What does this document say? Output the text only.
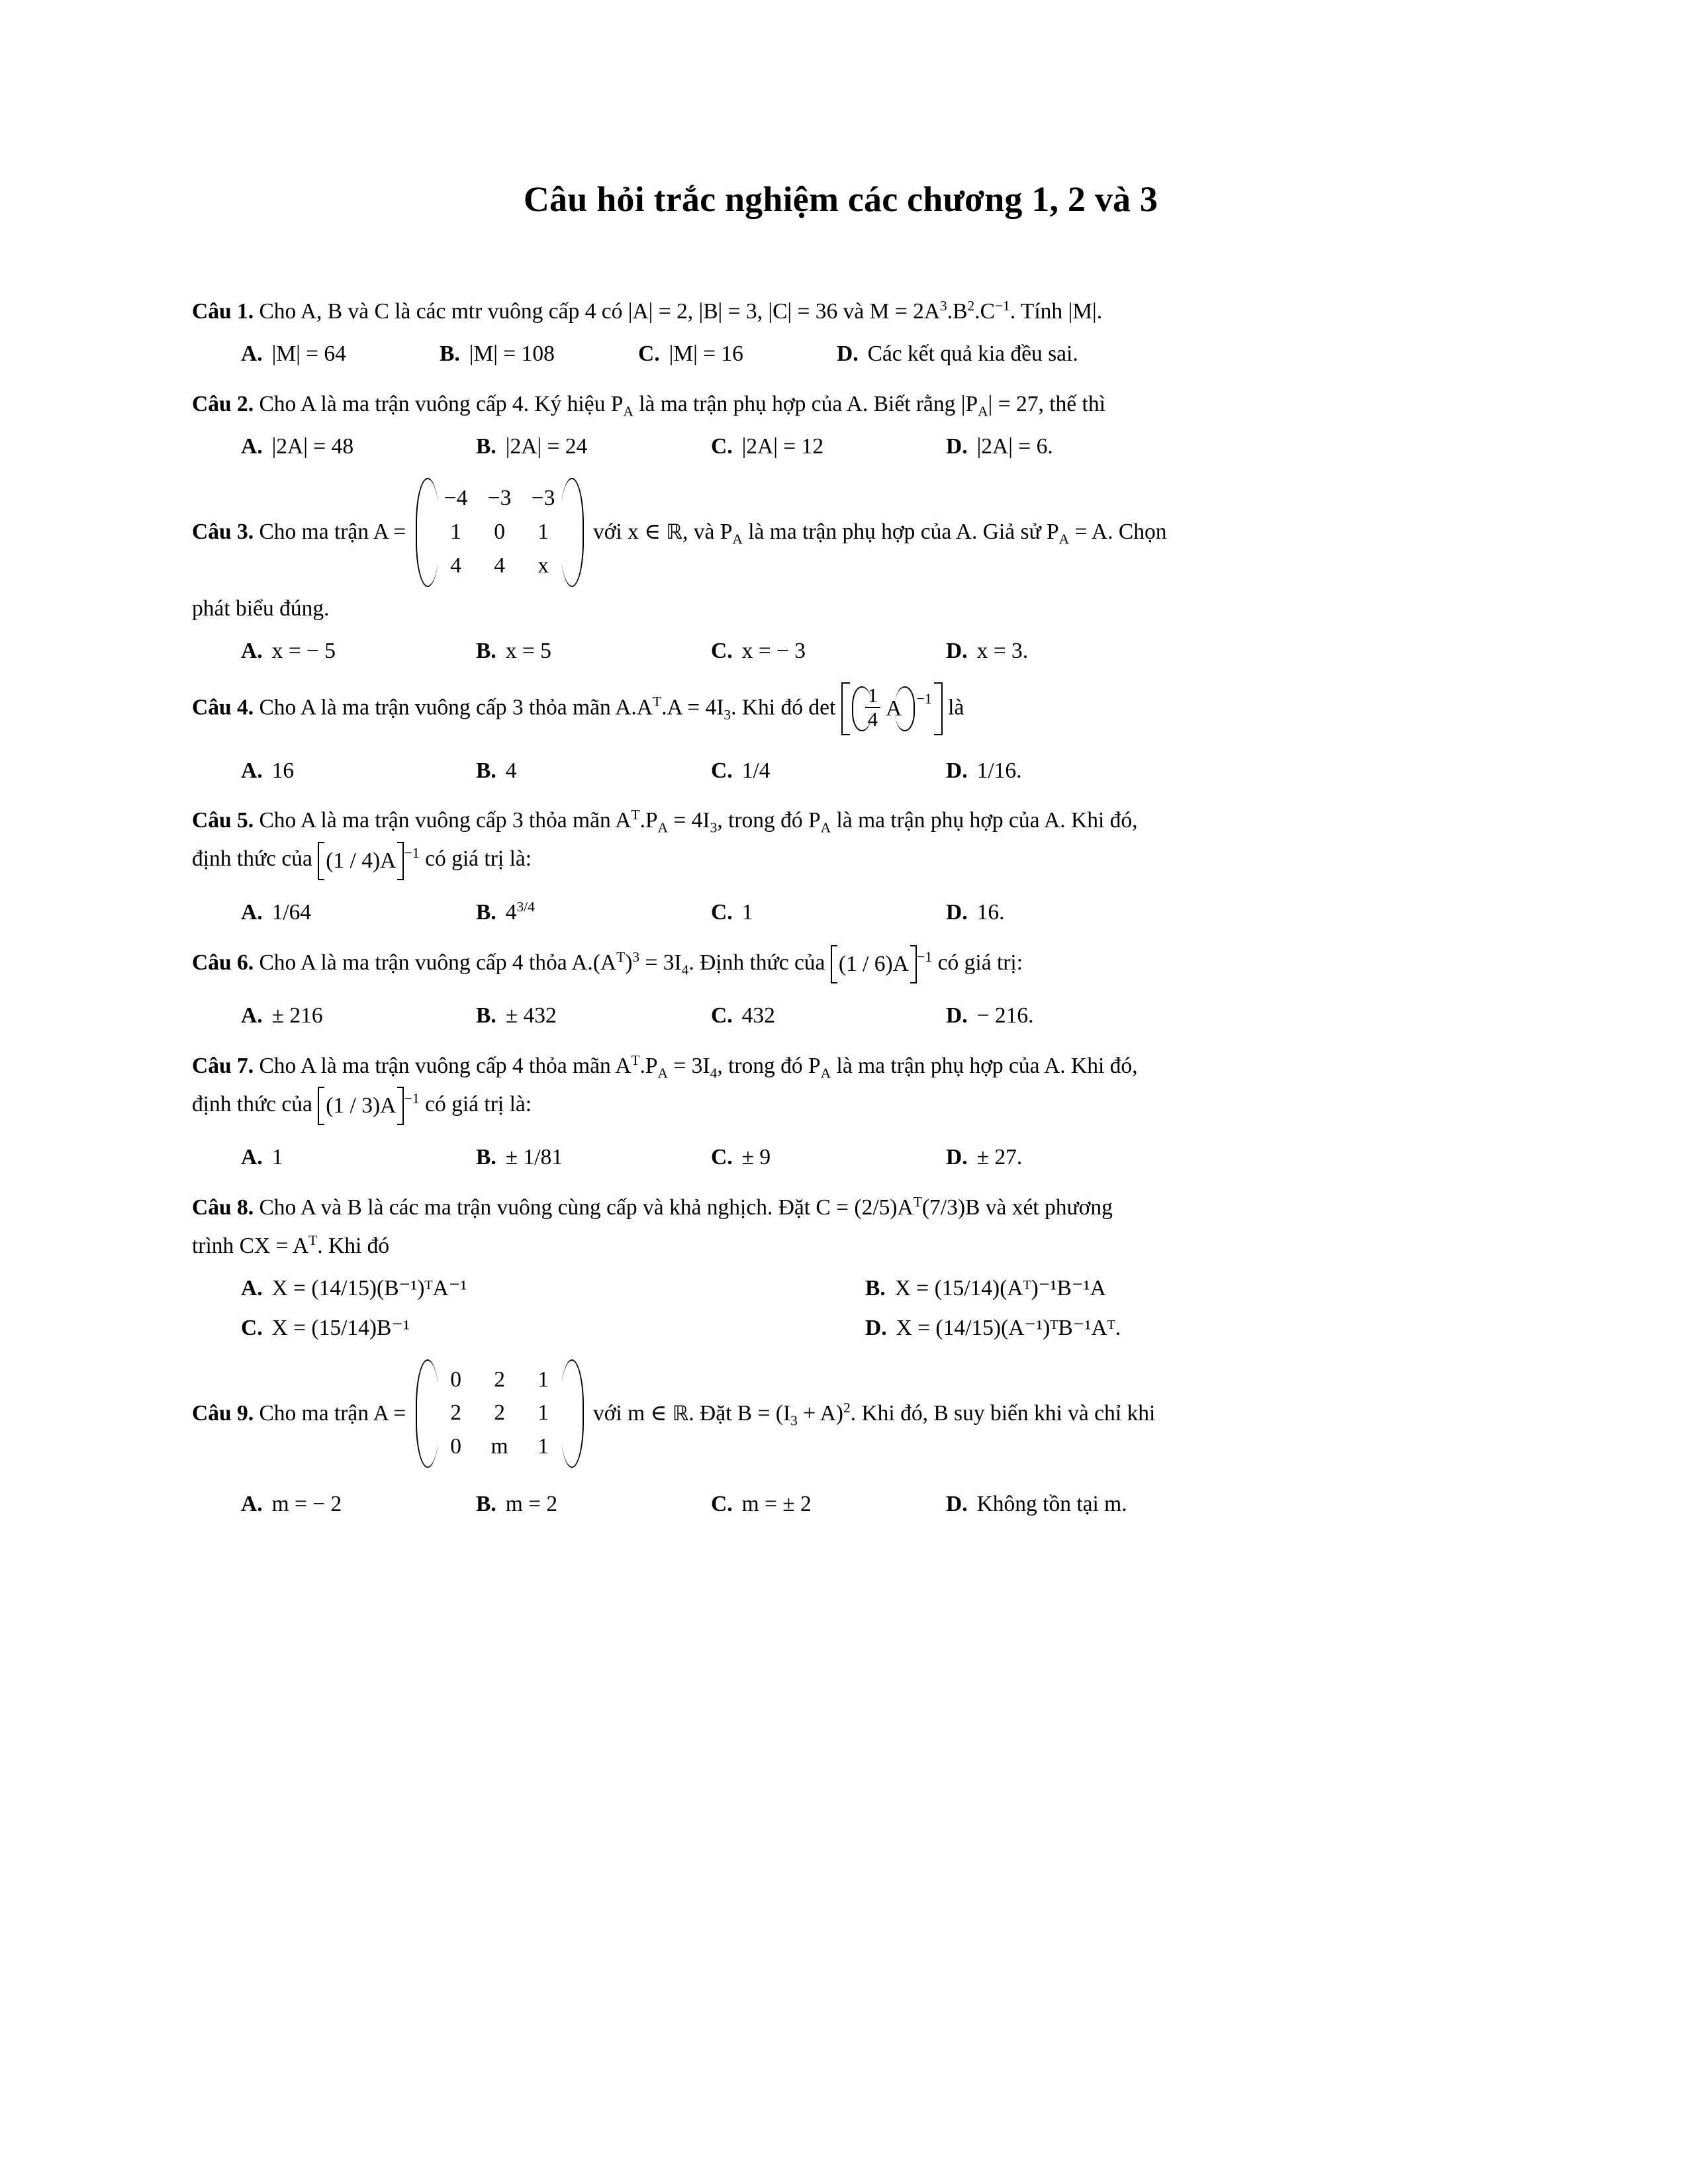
Câu hỏi trắc nghiệm các chương 1, 2 và 3
Câu 1. Cho A, B và C là các mtr vuông cấp 4 có |A| = 2, |B| = 3, |C| = 36 và $M = 2A^3.B^2.C^{-1}$. Tính |M|.
A. |M| = 64	B. |M| = 108	C. |M| = 16	D. Các kết quả kia đều sai.
Câu 2. Cho A là ma trận vuông cấp 4. Ký hiệu $P_A$ là ma trận phụ hợp của A. Biết rằng $|P_A| = 27$, thế thì
A. |2A| = 48	B. |2A| = 24	C. |2A| = 12	D. |2A| = 6.
Câu 3. Cho ma trận A =
−4 −3 −3
1	0	1
4	4	x
với x ∈ ℝ, và $P_A$ là ma trận phụ hợp của A. Giả sử $P_A = A$. Chọn
phát biểu đúng.
A. x = − 5	B. x = 5	C. x = − 3	D. x = 3.
Câu 4. Cho A là ma trận vuông cấp 3 thỏa mãn $A.A^T.A = 4I_3$. Khi đó $\det \frac{1}{4}$ A −1 là
A. 16	B. 4	C. 1/4	D. 1/16.
Câu 5. Cho A là ma trận vuông cấp 3 thỏa mãn $A^T.P_A = 4I_3$, trong đó $P_A$ là ma trận phụ hợp của A. Khi đó,
định thức của (1 / 4)A $^{-1}$ có giá trị là:
A. 1/64	B. $4^{3/4}$	C. 1	D. 16.
Câu 6. Cho A là ma trận vuông cấp 4 thỏa $A.(A^T)^3 = 3I_4$. Định thức của (1 / 6)A $^{-1}$ có giá trị:
A. ± 216	B. ± 432	C. 432	D. − 216.
Câu 7. Cho A là ma trận vuông cấp 4 thỏa mãn $A^T.P_A = 3I_4$, trong đó $P_A$ là ma trận phụ hợp của A. Khi đó,
định thức của (1 / 3)A $^{-1}$ có giá trị là:
A. 1	B. ± 1/81	C. ± 9	D. ± 27.
Câu 8. Cho A và B là các ma trận vuông cùng cấp và khả nghịch. Đặt $C = (2/5)A^T(7/3)B$ và xét phương
trình CX = $A^T$. Khi đó
A. X = (14/15)(B⁻¹)ᵀA⁻¹	B. X = (15/14)(Aᵀ)⁻¹B⁻¹A
C. X = (15/14)B⁻¹	D. X = (14/15)(A⁻¹)ᵀB⁻¹Aᵀ.
Câu 9. Cho ma trận A =
0	2	1
2	2	1
0	m	1
với m ∈ ℝ. Đặt $B = (I_3 + A)^2$. Khi đó, B suy biến khi và chỉ khi
A. m = − 2	B. m = 2	C. m = ± 2	D. Không tồn tại m.
